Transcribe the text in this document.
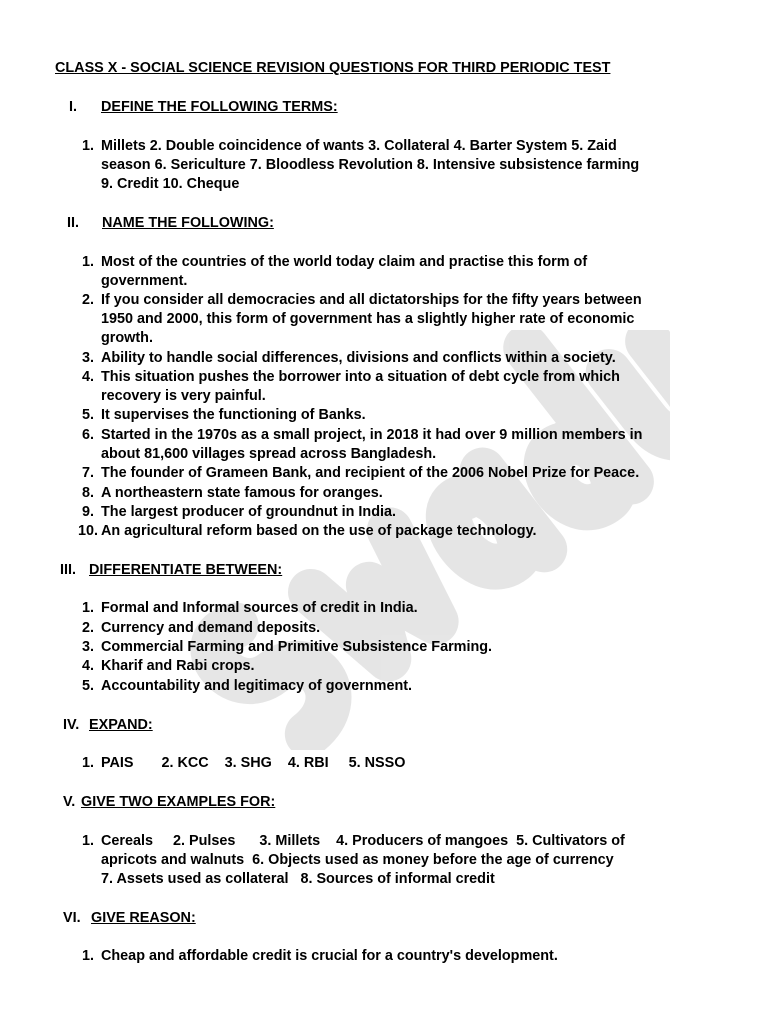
CLASS X - SOCIAL SCIENCE REVISION QUESTIONS FOR THIRD PERIODIC TEST
I. DEFINE THE FOLLOWING TERMS:
1. Millets 2. Double coincidence of wants 3. Collateral 4. Barter System 5. Zaid
season 6. Sericulture 7. Bloodless Revolution 8. Intensive subsistence farming
9. Credit 10. Cheque
II. NAME THE FOLLOWING:
1. Most of the countries of the world today claim and practise this form of
government.
2. If you consider all democracies and all dictatorships for the fifty years between
1950 and 2000, this form of government has a slightly higher rate of economic
growth.
3. Ability to handle social differences, divisions and conflicts within a society.
4. This situation pushes the borrower into a situation of debt cycle from which
recovery is very painful.
5. It supervises the functioning of Banks.
6. Started in the 1970s as a small project, in 2018 it had over 9 million members in
about 81,600 villages spread across Bangladesh.
7. The founder of Grameen Bank, and recipient of the 2006 Nobel Prize for Peace.
8. A northeastern state famous for oranges.
9. The largest producer of groundnut in India.
10. An agricultural reform based on the use of package technology.
III. DIFFERENTIATE BETWEEN:
1. Formal and Informal sources of credit in India.
2. Currency and demand deposits.
3. Commercial Farming and Primitive Subsistence Farming.
4. Kharif and Rabi crops.
5. Accountability and legitimacy of government.
IV. EXPAND:
1. PAIS       2. KCC    3. SHG    4. RBI     5. NSSO
V. GIVE TWO EXAMPLES FOR:
1. Cereals     2. Pulses      3. Millets    4. Producers of mangoes  5. Cultivators of
apricots and walnuts  6. Objects used as money before the age of currency
7. Assets used as collateral   8. Sources of informal credit
VI. GIVE REASON:
1. Cheap and affordable credit is crucial for a country's development.
